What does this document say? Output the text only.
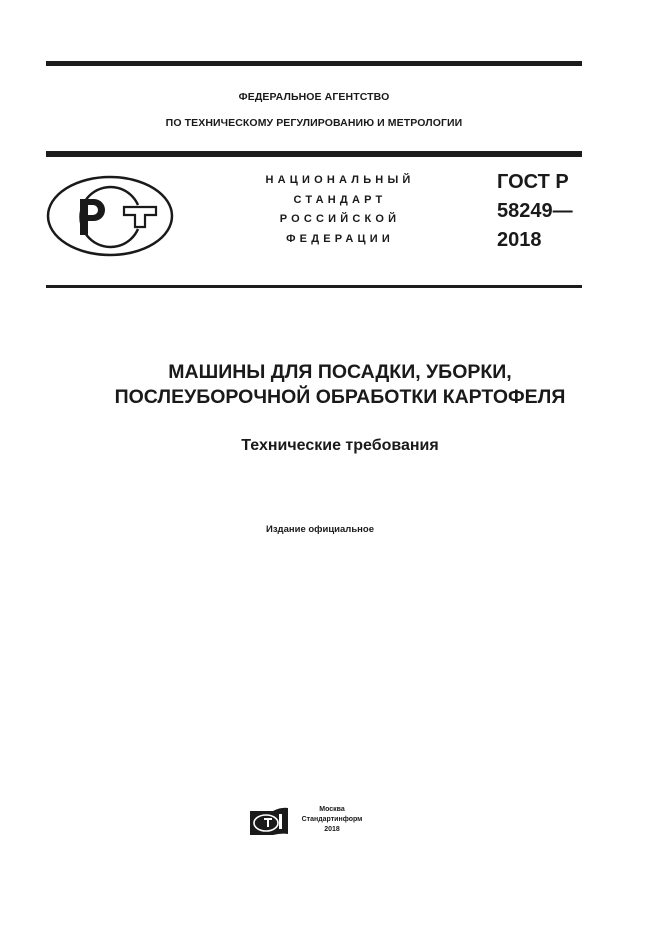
ФЕДЕРАЛЬНОЕ АГЕНТСТВО
ПО ТЕХНИЧЕСКОМУ РЕГУЛИРОВАНИЮ И МЕТРОЛОГИИ
НАЦИОНАЛЬНЫЙ
СТАНДАРТ
РОССИЙСКОЙ
ФЕДЕРАЦИИ
ГОСТ Р
58249—
2018
МАШИНЫ ДЛЯ ПОСАДКИ, УБОРКИ,
ПОСЛЕУБОРОЧНОЙ ОБРАБОТКИ КАРТОФЕЛЯ
Технические требования
Издание официальное
Москва
Стандартинформ
2018
